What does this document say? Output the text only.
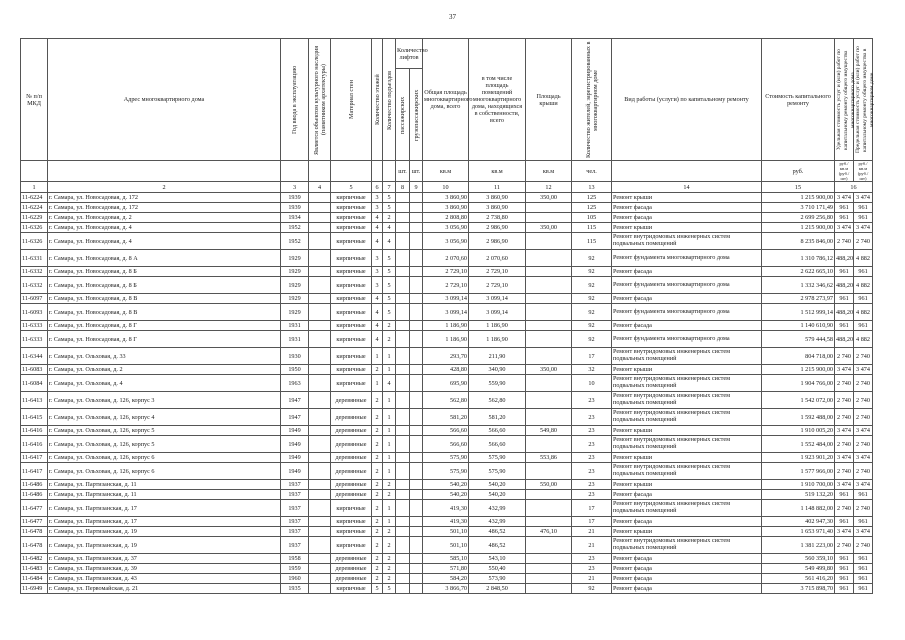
37
№ п/п МКД	Адрес многоквартирного дома	Год ввода в эксплуатацию	Является объектом культурного наследия (памятником архитектуры)	Материал стен	Количество этажей	Количество подъездов	Количество лифтов		Общая площадь многоквартирного дома, всего	в том числе площадь помещений многоквартирного дома, находящихся в собственности, всего	Площадь крыши	Количество жителей, зарегистрированных в многоквартирном доме	Вид работы (услуги) по капитальному ремонту	Стоимость капитального ремонту	Удельная стоимость услуг и (или) работ по капитальному ремонту общего имущества многоквартирного дома	Предельная стоимость услуг и (или) работ по капитальному ремонту общего имущества в многоквартирном доме

							пассажирских	грузопассажирских								

							шт.	шт.	кв.м	кв.м	кв.м	чел.		руб.	руб./кв.м (руб./шт)	руб./кв.м (руб./шт)
1	2	3	4	5	6	7	8	9	10	11	12	13	14	15	16	
11-6224	г. Самара, ул. Новосадовая, д. 172	1939		кирпичные	3	5			3 860,90	3 860,90	350,00	125	Ремонт крыши	1 215 900,00	3 474	3 474
11-6224	г. Самара, ул. Новосадовая, д. 172	1939		кирпичные	3	5			3 860,90	3 860,90		125	Ремонт фасада	3 710 171,49	961	961
11-6229	г. Самара, ул. Новосадовая, д. 2	1934		кирпичные	4	2			2 808,80	2 738,80		105	Ремонт фасада	2 699 256,80	961	961
11-6326	г. Самара, ул. Новосадовая, д. 4	1952		кирпичные	4	4			3 056,90	2 986,90	350,00	115	Ремонт крыши	1 215 900,00	3 474	3 474
11-6326	г. Самара, ул. Новосадовая, д. 4	1952		кирпичные	4	4			3 056,90	2 986,90		115	Ремонт внутридомовых инженерных систем подвальных помещений	8 235 846,00	2 740	2 740
11-6331	г. Самара, ул. Новосадовая, д. 8 А	1929		кирпичные	3	5			2 070,60	2 070,60		92	Ремонт фундамента многоквартирного дома	1 310 786,12	488,20	4 882
11-6332	г. Самара, ул. Новосадовая, д. 8 Б	1929		кирпичные	3	5			2 729,10	2 729,10		92	Ремонт фасада	2 622 665,10	961	961
11-6332	г. Самара, ул. Новосадовая, д. 8 Б	1929		кирпичные	3	5			2 729,10	2 729,10		92	Ремонт фундамента многоквартирного дома	1 332 346,62	488,20	4 882
11-6097	г. Самара, ул. Новосадовая, д. 8 В	1929		кирпичные	4	5			3 099,14	3 099,14		92	Ремонт фасада	2 978 273,97	961	961
11-6093	г. Самара, ул. Новосадовая, д. 8 В	1929		кирпичные	4	5			3 099,14	3 099,14		92	Ремонт фундамента многоквартирного дома	1 512 999,14	488,20	4 882
11-6333	г. Самара, ул. Новосадовая, д. 8 Г	1931		кирпичные	4	2			1 186,90	1 186,90		92	Ремонт фасада	1 140 610,90	961	961
11-6333	г. Самара, ул. Новосадовая, д. 8 Г	1931		кирпичные	4	2			1 186,90	1 186,90		92	Ремонт фундамента многоквартирного дома	579 444,58	488,20	4 882
11-6344	г. Самара, ул. Ольховая, д. 33	1930		кирпичные	1	1			293,70	211,90		17	Ремонт внутридомовых инженерных систем подвальных помещений	804 718,00	2 740	2 740
11-6083	г. Самара, ул. Ольховая, д. 2	1950		кирпичные	2	1			428,80	340,90	350,00	32	Ремонт крыши	1 215 900,00	3 474	3 474
11-6084	г. Самара, ул. Ольховая, д. 4	1963		кирпичные	1	4			695,90	559,90		10	Ремонт внутридомовых инженерных систем подвальных помещений	1 904 766,00	2 740	2 740
11-6413	г. Самара, ул. Ольховая, д. 126, корпус 3	1947		деревянные	2	1			562,80	562,80		23	Ремонт внутридомовых инженерных систем подвальных помещений	1 542 072,00	2 740	2 740
11-6415	г. Самара, ул. Ольховая, д. 126, корпус 4	1947		деревянные	2	1			581,20	581,20		23	Ремонт внутридомовых инженерных систем подвальных помещений	1 592 488,00	2 740	2 740
11-6416	г. Самара, ул. Ольховая, д. 126, корпус 5	1949		деревянные	2	1			566,60	566,60	549,80	23	Ремонт крыши	1 910 005,20	3 474	3 474
11-6416	г. Самара, ул. Ольховая, д. 126, корпус 5	1949		деревянные	2	1			566,60	566,60		23	Ремонт внутридомовых инженерных систем подвальных помещений	1 552 484,00	2 740	2 740
11-6417	г. Самара, ул. Ольховая, д. 126, корпус 6	1949		деревянные	2	1			575,90	575,90	553,86	23	Ремонт крыши	1 923 901,20	3 474	3 474
11-6417	г. Самара, ул. Ольховая, д. 126, корпус 6	1949		деревянные	2	1			575,90	575,90		23	Ремонт внутридомовых инженерных систем подвальных помещений	1 577 966,00	2 740	2 740
11-6486	г. Самара, ул. Партизанская, д. 11	1937		деревянные	2	2			540,20	540,20	550,00	23	Ремонт крыши	1 910 700,00	3 474	3 474
11-6486	г. Самара, ул. Партизанская, д. 11	1937		деревянные	2	2			540,20	540,20		23	Ремонт фасада	519 132,20	961	961
11-6477	г. Самара, ул. Партизанская, д. 17	1937		кирпичные	2	1			419,30	432,99		17	Ремонт внутридомовых инженерных систем подвальных помещений	1 148 882,00	2 740	2 740
11-6477	г. Самара, ул. Партизанская, д. 17	1937		кирпичные	2	1			419,30	432,99		17	Ремонт фасада	402 947,30	961	961
11-6478	г. Самара, ул. Партизанская, д. 19	1937		кирпичные	2	2			501,10	486,52	476,10	21	Ремонт крыши	1 653 971,40	3 474	3 474
11-6478	г. Самара, ул. Партизанская, д. 19	1937		кирпичные	2	2			501,10	486,52		21	Ремонт внутридомовых инженерных систем подвальных помещений	1 381 223,00	2 740	2 740
11-6482	г. Самара, ул. Партизанская, д. 37	1958		деревянные	2	2			585,10	543,10		23	Ремонт фасада	560 359,10	961	961
11-6483	г. Самара, ул. Партизанская, д. 39	1959		деревянные	2	2			571,80	550,40		23	Ремонт фасада	549 499,80	961	961
11-6484	г. Самара, ул. Партизанская, д. 43	1960		деревянные	2	2			584,20	573,90		21	Ремонт фасада	561 416,20	961	961
11-6949	г. Самара, ул. Первомайская, д. 21	1935		кирпичные	5	5			3 866,70	2 848,50		92	Ремонт фасада	3 715 898,70	961	961
